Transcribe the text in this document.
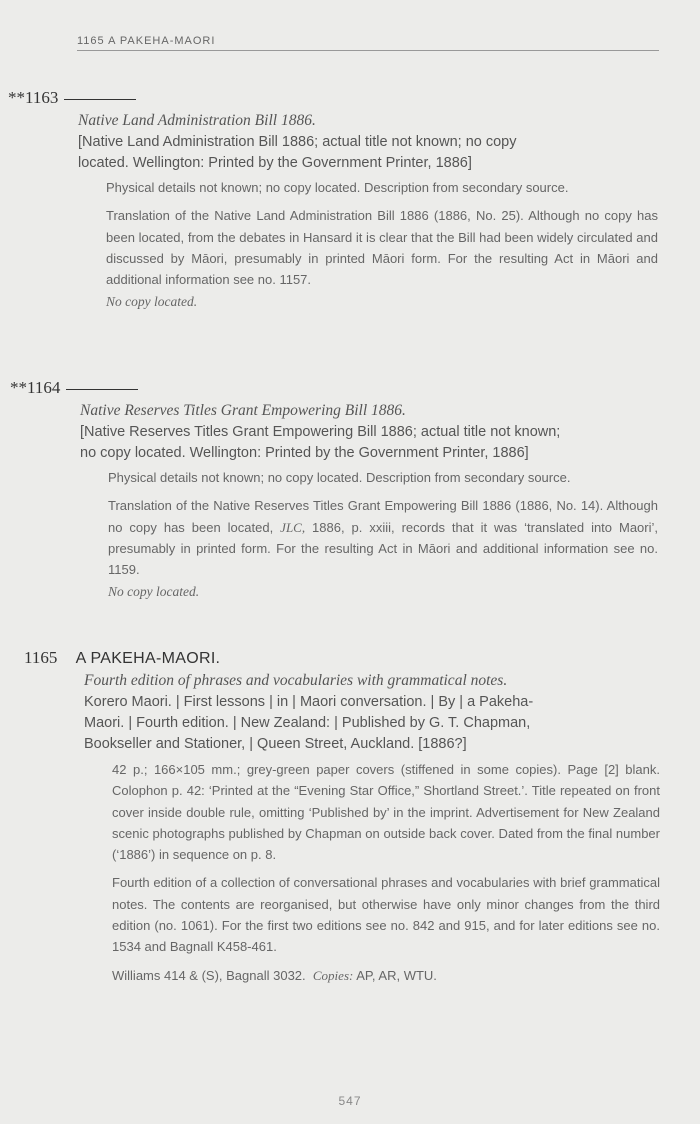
1165 A PAKEHA-MAORI
**1163
Native Land Administration Bill 1886.
[Native Land Administration Bill 1886; actual title not known; no copy
located. Wellington: Printed by the Government Printer, 1886]

Physical details not known; no copy located. Description from secondary source.

Translation of the Native Land Administration Bill 1886 (1886, No. 25). Although no copy has been located, from the debates in Hansard it is clear that the Bill had been widely circulated and discussed by Māori, presumably in printed Māori form. For the resulting Act in Māori and additional information see no. 1157.

No copy located.
**1164
Native Reserves Titles Grant Empowering Bill 1886.
[Native Reserves Titles Grant Empowering Bill 1886; actual title not known;
no copy located. Wellington: Printed by the Government Printer, 1886]

Physical details not known; no copy located. Description from secondary source.

Translation of the Native Reserves Titles Grant Empowering Bill 1886 (1886, No. 14). Although no copy has been located, JLC, 1886, p. xxiii, records that it was ‘translated into Maori’, presumably in printed form. For the resulting Act in Māori and additional information see no. 1159.

No copy located.
1165 A PAKEHA-MAORI.
Fourth edition of phrases and vocabularies with grammatical notes.
Korero Maori. | First lessons | in | Maori conversation. | By | a Pakeha-
Maori. | Fourth edition. | New Zealand: | Published by G. T. Chapman,
Bookseller and Stationer, | Queen Street, Auckland. [1886?]

42 p.; 166×105 mm.; grey-green paper covers (stiffened in some copies). Page [2] blank. Colophon p. 42: ‘Printed at the “Evening Star Office,” Shortland Street.’. Title repeated on front cover inside double rule, omitting ‘Published by’ in the imprint. Advertisement for New Zealand scenic photographs published by Chapman on outside back cover. Dated from the final number (‘1886’) in sequence on p. 8.

Fourth edition of a collection of conversational phrases and vocabularies with brief grammatical notes. The contents are reorganised, but otherwise have only minor changes from the third edition (no. 1061). For the first two editions see no. 842 and 915, and for later editions see no. 1534 and Bagnall K458-461.

Williams 414 & (S), Bagnall 3032. Copies: AP, AR, WTU.

547
